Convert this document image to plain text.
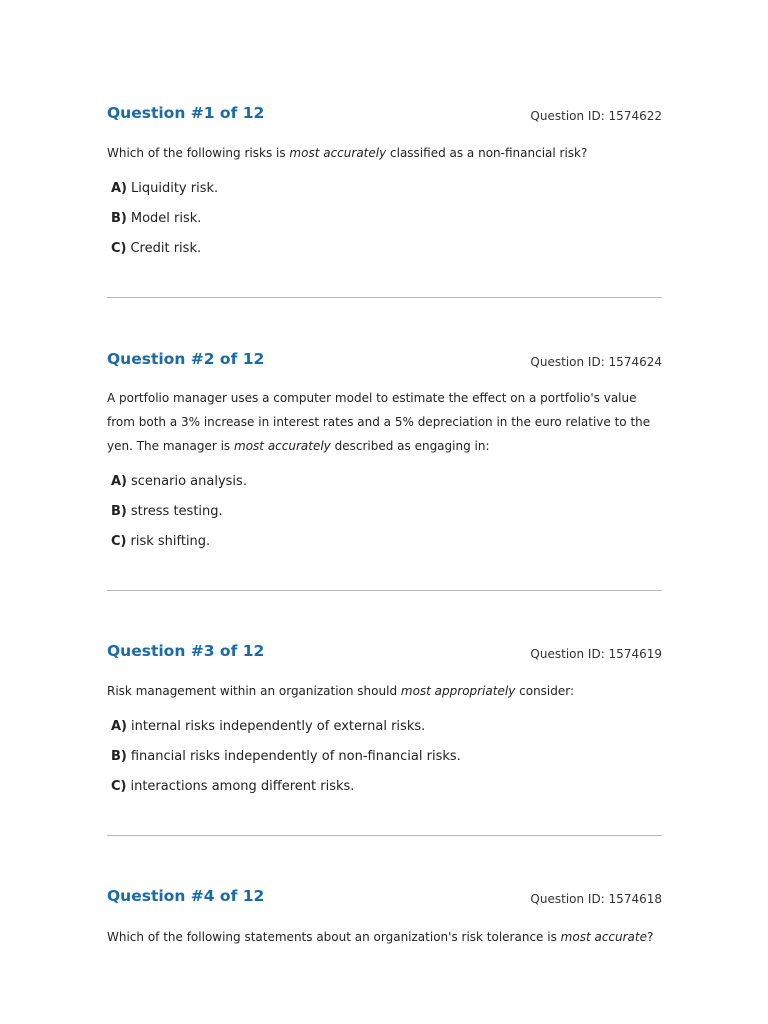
Question #1 of 12	Question ID: 1574622
Which of the following risks is most accurately classified as a non-financial risk?
A) Liquidity risk.
B) Model risk.
C) Credit risk.
Question #2 of 12	Question ID: 1574624
A portfolio manager uses a computer model to estimate the effect on a portfolio's value
from both a 3% increase in interest rates and a 5% depreciation in the euro relative to the
yen. The manager is most accurately described as engaging in:
A) scenario analysis.
B) stress testing.
C) risk shifting.
Question #3 of 12	Question ID: 1574619
Risk management within an organization should most appropriately consider:
A) internal risks independently of external risks.
B) financial risks independently of non-financial risks.
C) interactions among different risks.
Question #4 of 12	Question ID: 1574618
Which of the following statements about an organization's risk tolerance is most accurate?
